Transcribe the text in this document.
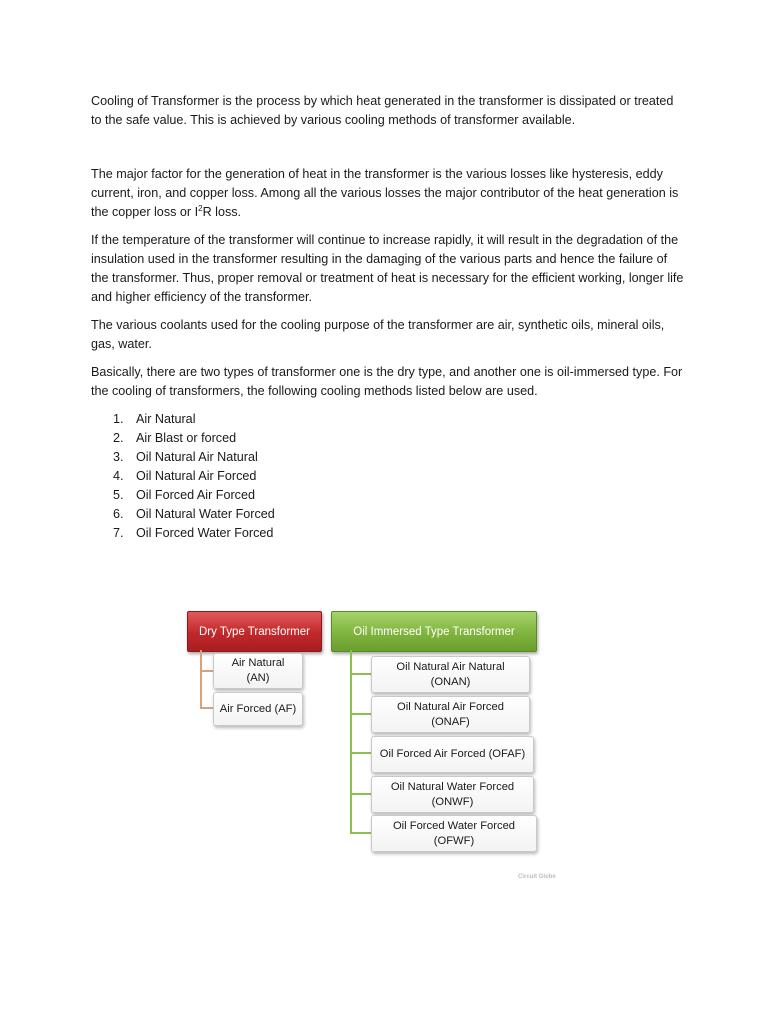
Cooling of Transformer is the process by which heat generated in the transformer is dissipated or treated to the safe value. This is achieved by various cooling methods of transformer available.

The major factor for the generation of heat in the transformer is the various losses like hysteresis, eddy current, iron, and copper loss. Among all the various losses the major contributor of the heat generation is the copper loss or $I^2R$ loss.

If the temperature of the transformer will continue to increase rapidly, it will result in the degradation of the insulation used in the transformer resulting in the damaging of the various parts and hence the failure of the transformer. Thus, proper removal or treatment of heat is necessary for the efficient working, longer life and higher efficiency of the transformer.

The various coolants used for the cooling purpose of the transformer are air, synthetic oils, mineral oils, gas, water.

Basically, there are two types of transformer one is the dry type, and another one is oil-immersed type. For the cooling of transformers, the following cooling methods listed below are used.

1. Air Natural
2. Air Blast or forced
3. Oil Natural Air Natural
4. Oil Natural Air Forced
5. Oil Forced Air Forced
6. Oil Natural Water Forced
7. Oil Forced Water Forced
Dry Type Transformer	Oil Immersed Type Transformer
Air Natural
(AN)
Air Forced (AF)
Oil Natural Air Natural
(ONAN)
Oil Natural Air Forced
(ONAF)
Oil Forced Air Forced (OFAF)
Oil Natural Water Forced
(ONWF)
Oil Forced Water Forced
(OFWF)
Circuit Globe
